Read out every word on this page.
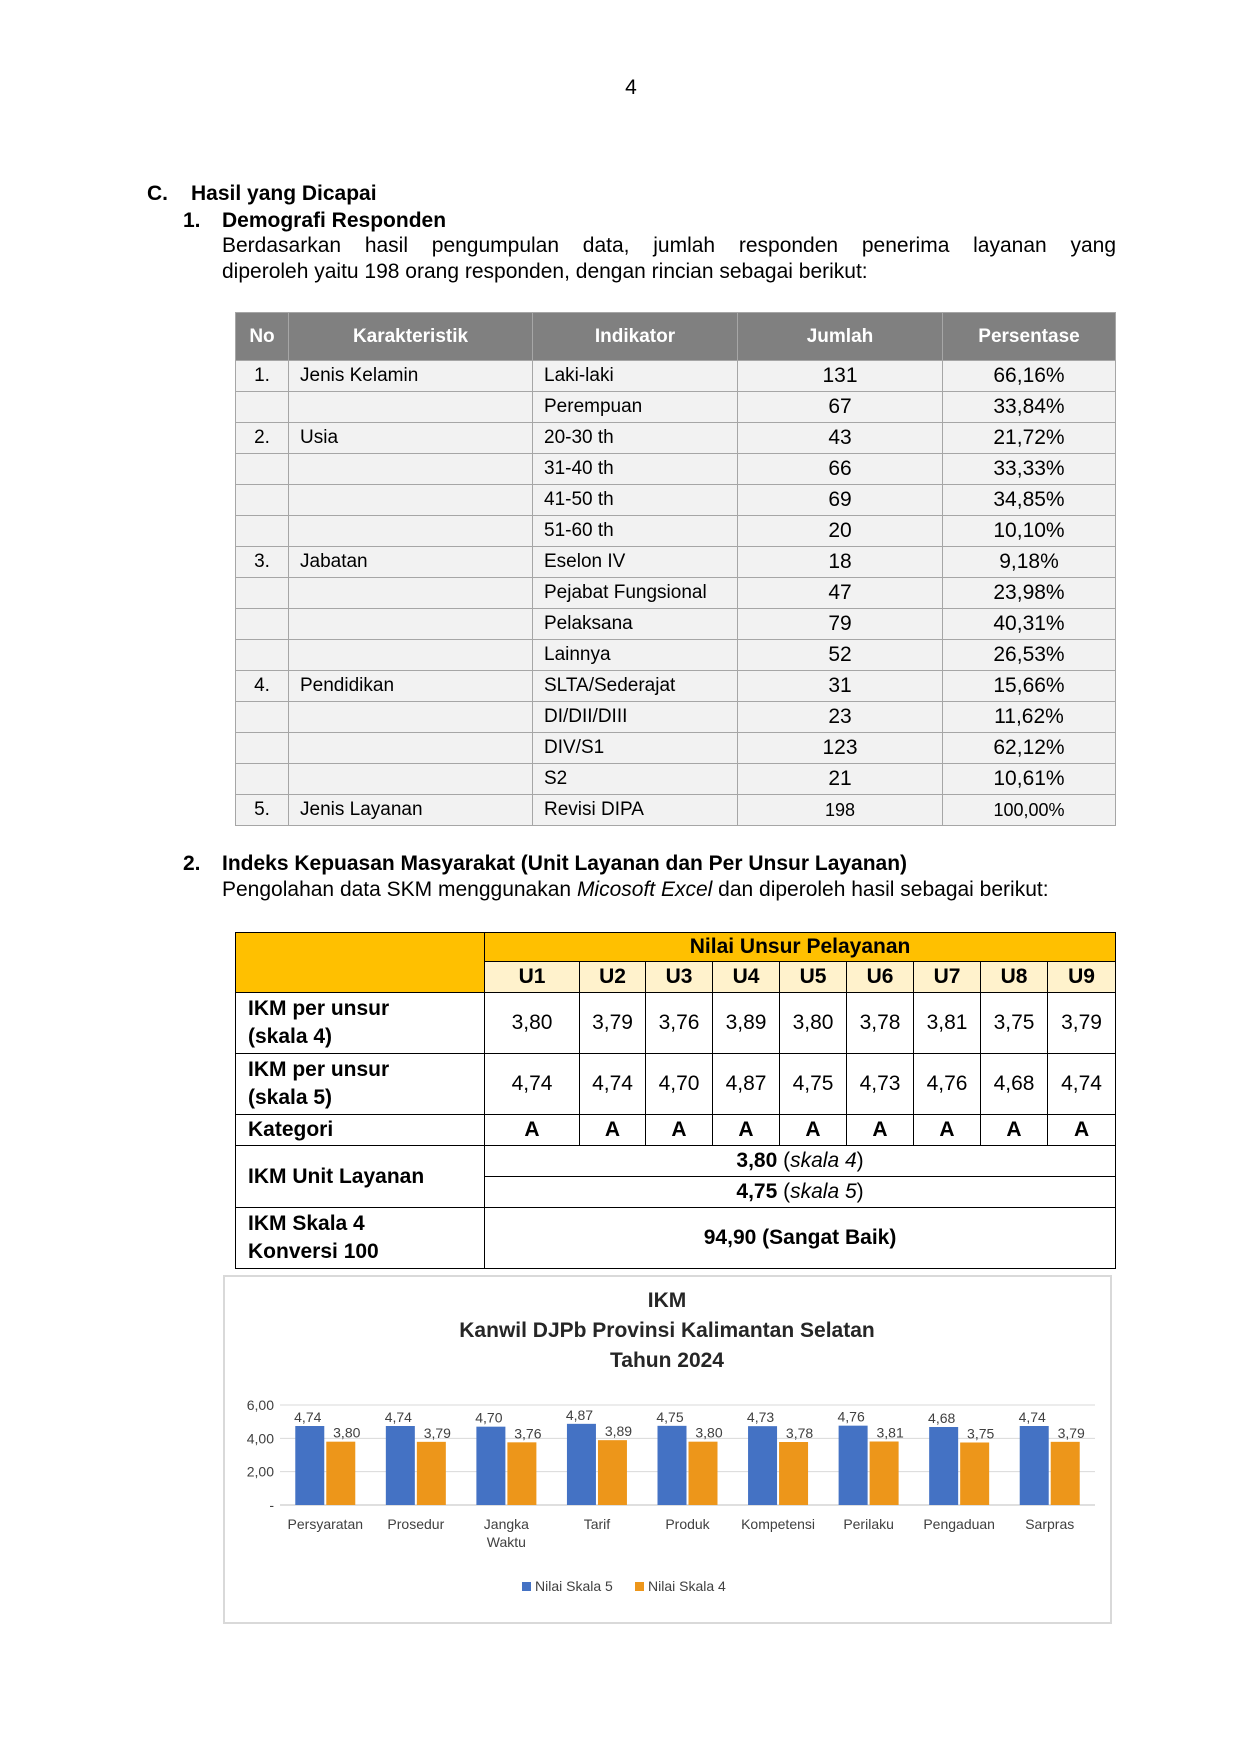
4
C. Hasil yang Dicapai
1. Demografi Responden
Berdasarkan hasil pengumpulan data, jumlah responden penerima layanan yang
diperoleh yaitu 198 orang responden, dengan rincian sebagai berikut:
No	Karakteristik	Indikator	Jumlah	Persentase
1.	Jenis Kelamin	Laki-laki	131	66,16%
		Perempuan	67	33,84%
2.	Usia	20-30 th	43	21,72%
		31-40 th	66	33,33%
		41-50 th	69	34,85%
		51-60 th	20	10,10%
3.	Jabatan	Eselon IV	18	9,18%
		Pejabat Fungsional	47	23,98%
		Pelaksana	79	40,31%
		Lainnya	52	26,53%
4.	Pendidikan	SLTA/Sederajat	31	15,66%
		DI/DII/DIII	23	11,62%
		DIV/S1	123	62,12%
		S2	21	10,61%
5.	Jenis Layanan	Revisi DIPA	198	100,00%
2. Indeks Kepuasan Masyarakat (Unit Layanan dan Per Unsur Layanan)
Pengolahan data SKM menggunakan Micosoft Excel dan diperoleh hasil sebagai berikut:
	Nilai Unsur Pelayanan								
	U1	U2	U3	U4	U5	U6	U7	U8	U9
IKM per unsur
(skala 4)	3,80	3,79	3,76	3,89	3,80	3,78	3,81	3,75	3,79
IKM per unsur
(skala 5)	4,74	4,74	4,70	4,87	4,75	4,73	4,76	4,68	4,74
Kategori	A	A	A	A	A	A	A	A	A
IKM Unit Layanan	3,80 (skala 4)								
	4,75 (skala 5)								
IKM Skala 4
Konversi 100	94,90 (Sangat Baik)								
IKM
Kanwil DJPb Provinsi Kalimantan Selatan
Tahun 2024
-
2,00
4,00
6,00
4,74	4,74	4,70	4,87	4,75	4,73	4,76	4,68	4,74
3,80	3,79	3,76	3,89	3,80	3,78	3,81	3,75	3,79
Persyaratan Prosedur	Jangka
Waktu
Tarif	Produk Kompetensi Perilaku Pengaduan Sarpras
Nilai Skala 5	Nilai Skala 4
